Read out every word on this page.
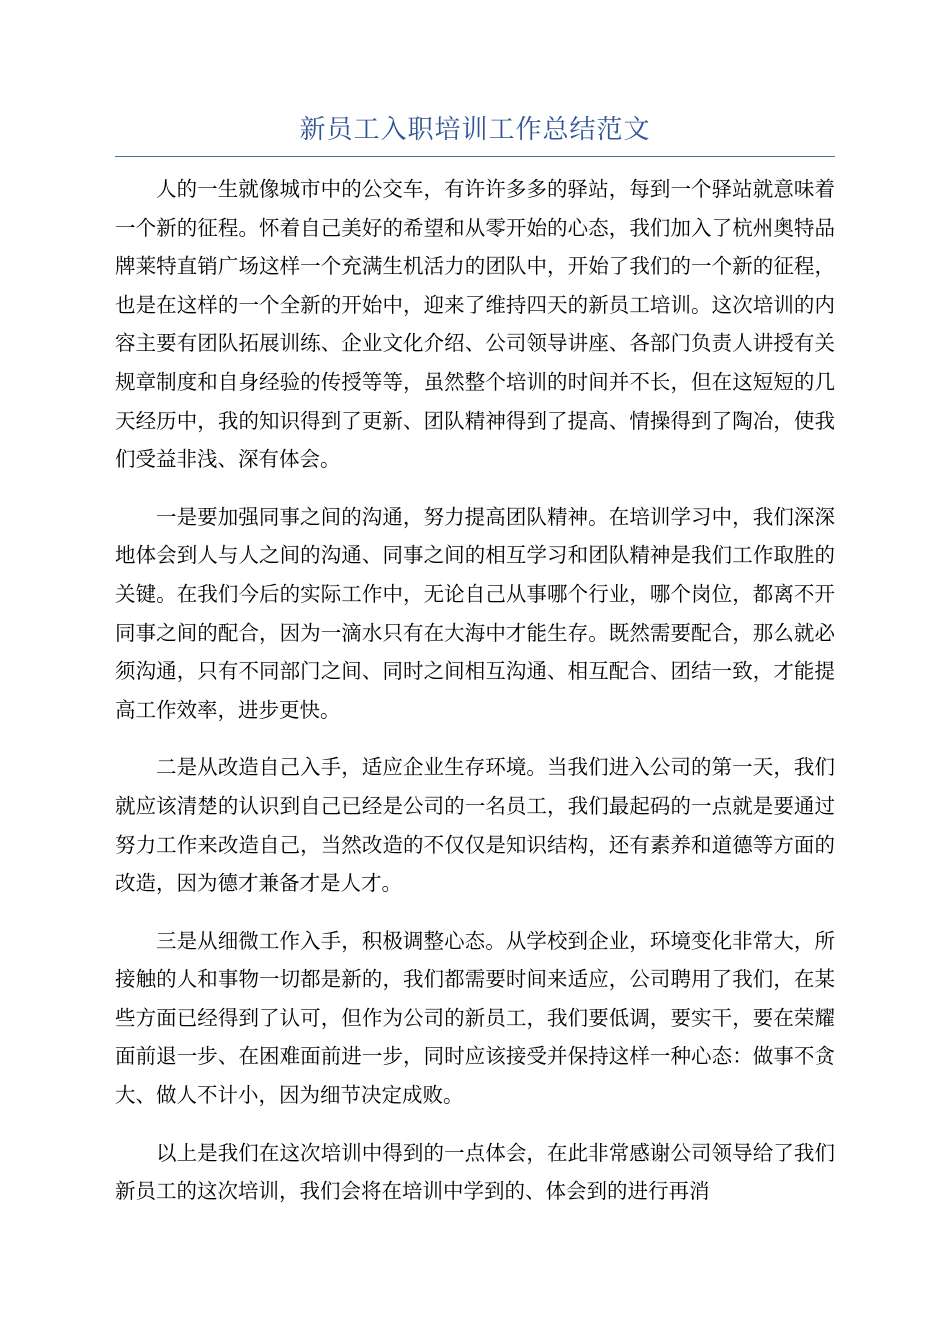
新员工入职培训工作总结范文

人的一生就像城市中的公交车，有许许多多的驿站，每到一个驿站就意味着一个新的征程。怀着自己美好的希望和从零开始的心态，我们加入了杭州奥特品牌莱特直销广场这样一个充满生机活力的团队中，开始了我们的一个新的征程，也是在这样的一个全新的开始中，迎来了维持四天的新员工培训。这次培训的内容主要有团队拓展训练、企业文化介绍、公司领导讲座、各部门负责人讲授有关规章制度和自身经验的传授等等，虽然整个培训的时间并不长，但在这短短的几天经历中，我的知识得到了更新、团队精神得到了提高、情操得到了陶冶，使我们受益非浅、深有体会。

一是要加强同事之间的沟通，努力提高团队精神。在培训学习中，我们深深地体会到人与人之间的沟通、同事之间的相互学习和团队精神是我们工作取胜的关键。在我们今后的实际工作中，无论自己从事哪个行业，哪个岗位，都离不开同事之间的配合，因为一滴水只有在大海中才能生存。既然需要配合，那么就必须沟通，只有不同部门之间、同时之间相互沟通、相互配合、团结一致，才能提高工作效率，进步更快。

二是从改造自己入手，适应企业生存环境。当我们进入公司的第一天，我们就应该清楚的认识到自己已经是公司的一名员工，我们最起码的一点就是要通过努力工作来改造自己，当然改造的不仅仅是知识结构，还有素养和道德等方面的改造，因为德才兼备才是人才。

三是从细微工作入手，积极调整心态。从学校到企业，环境变化非常大，所接触的人和事物一切都是新的，我们都需要时间来适应，公司聘用了我们，在某些方面已经得到了认可，但作为公司的新员工，我们要低调，要实干，要在荣耀面前退一步、在困难面前进一步，同时应该接受并保持这样一种心态：做事不贪大、做人不计小，因为细节决定成败。

以上是我们在这次培训中得到的一点体会，在此非常感谢公司领导给了我们新员工的这次培训，我们会将在培训中学到的、体会到的进行再消
